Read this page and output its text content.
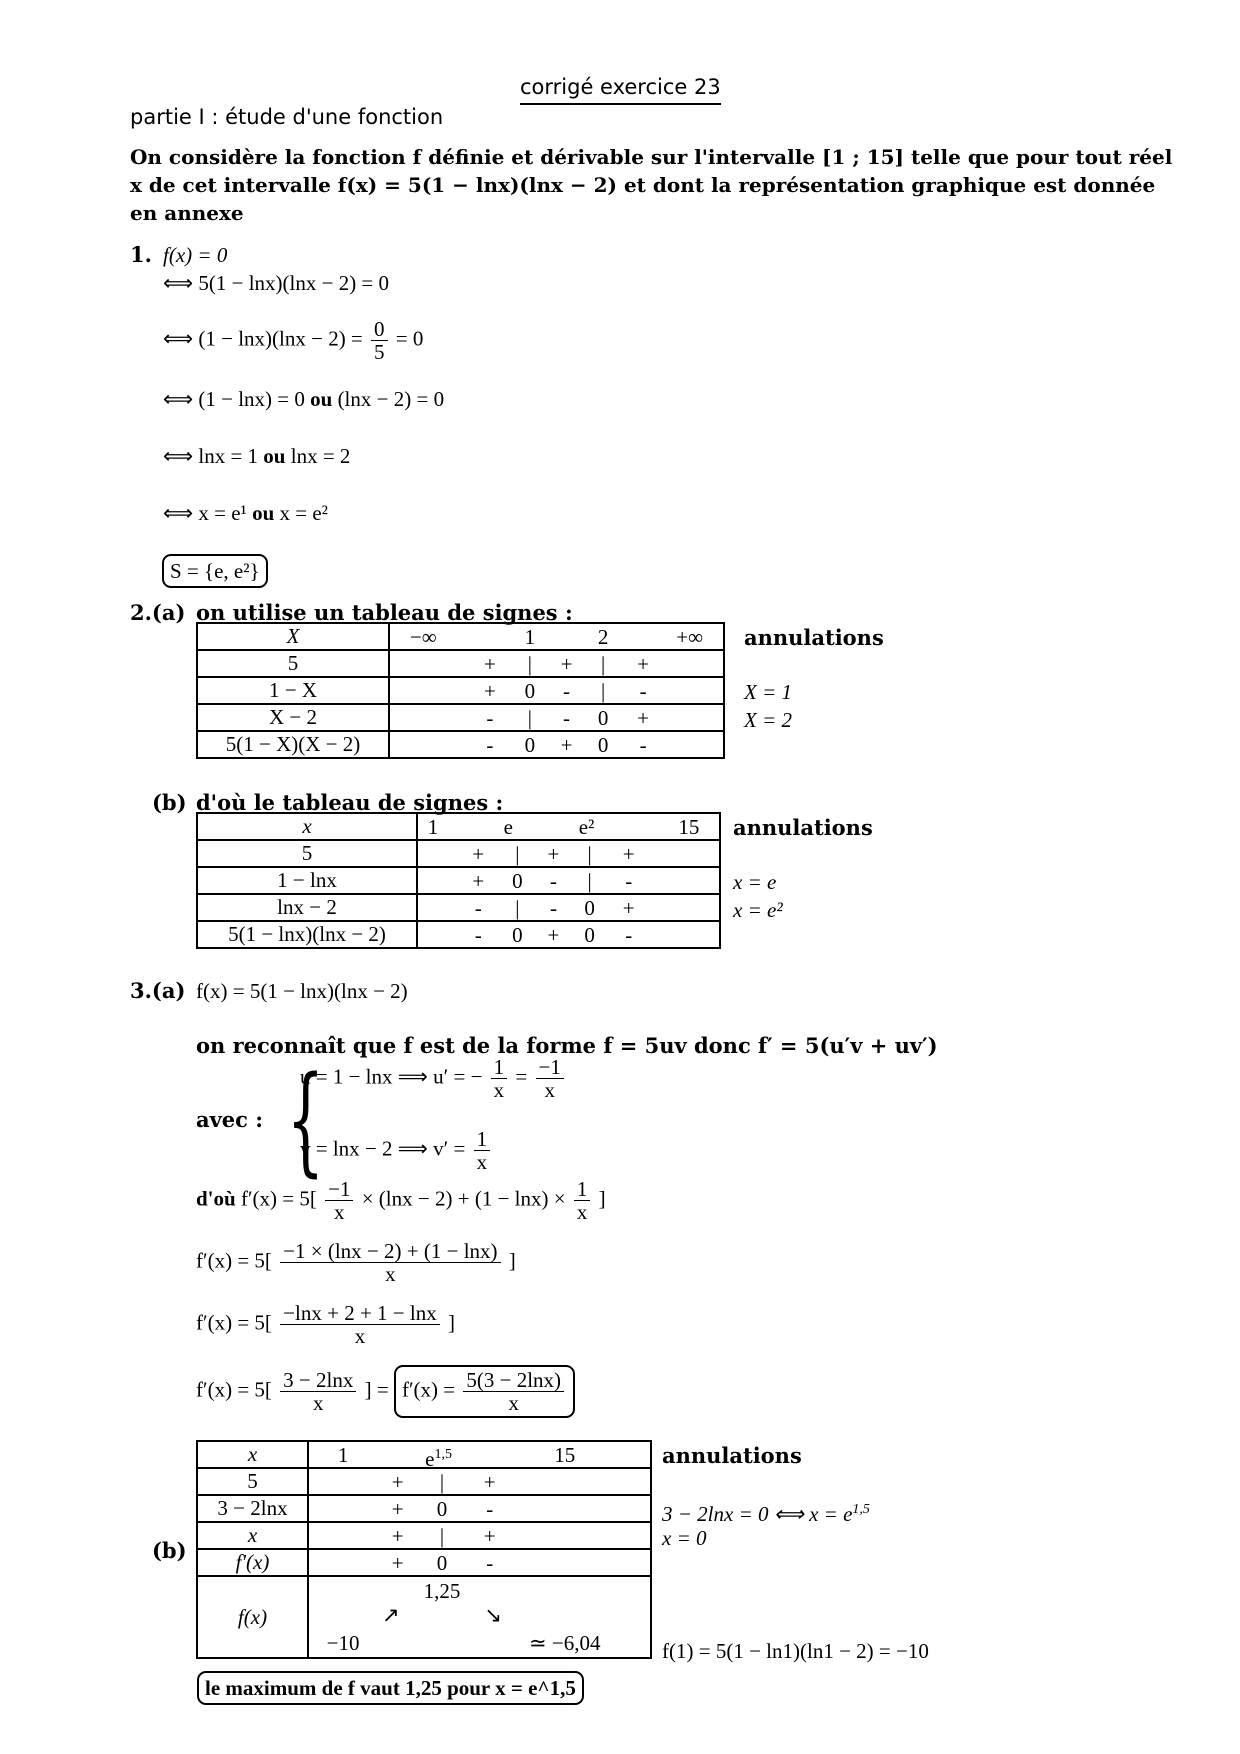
corrigé exercice 23
partie I : étude d'une fonction
On considère la fonction f définie et dérivable sur l'intervalle [1 ; 15] telle que pour tout réel
x de cet intervalle f(x) = 5(1 − lnx)(lnx − 2) et dont la représentation graphique est donnée
en annexe
1. f(x) = 0
⟺ 5(1 − lnx)(lnx − 2) = 0
⟺ $(1 - \ln x)(\ln x - 2) = \frac{0}{5} = 0$
⟺ (1 − lnx) = 0 ou (lnx − 2) = 0
⟺ lnx = 1 ou lnx = 2
⟺ x = e¹ ou x = e²
S = {e, e²}
2.(a) on utilise un tableau de signes :
X = 1
X = 2
X	−∞ 1 2 +∞

5	+ | + | +

1 − X	+ 0 - | -

X − 2	- | - 0 +

5(1 − X)(X − 2)	- 0 + 0 -
annulations
(b) d'où le tableau de signes :
x = e
x = e²
x	1 e e² 15

5	+ | + | +

1 − lnx	+ 0 - | -

lnx − 2	- | - 0 +

5(1 − lnx)(lnx − 2)	- 0 + 0 -
annulations
3.(a) f(x) = 5(1 − lnx)(lnx − 2)
on reconnaît que f est de la forme f = 5uv donc f′ = 5(u′v + uv′)
avec : {
u = 1 − lnx ⟹ u′ = − $\frac{1}{x} = \frac{-1}{x}$
v = lnx − 2 ⟹ $v' = \frac{1}{x}$
d'où $f'(x) = 5[ \frac{-1}{x} \times (\ln x - 2) + (1 - \ln x) \times \frac{1}{x}$ ]
$f'(x) = 5[ \frac{-1 \times (\ln x - 2) + (1 - \ln x)}{x}$ ]
$f'(x) = 5[ \frac{-\ln x + 2 + 1 - \ln x}{x}$ ]
$f'(x) = 5[ \frac{3 - 2\ln x}{x}$ ] = $f'(x) = \frac{5(3 - 2\ln x)}{x}$
(b)
3 − 2lnx = 0 ⟺ $x = e^{1,5}$
x = 0
x	1 $e^{1,5}$ 15

5	+ | +

3 − 2lnx	+ 0 -

x	+ | +

f′(x)	+ 0 -

f(x)	1,25
↗ ↘
−10 ≃ −6,04
annulations
f(1) = 5(1 − ln1)(ln1 − 2) = −10
le maximum de f vaut 1,25 pour x = e^1,5
